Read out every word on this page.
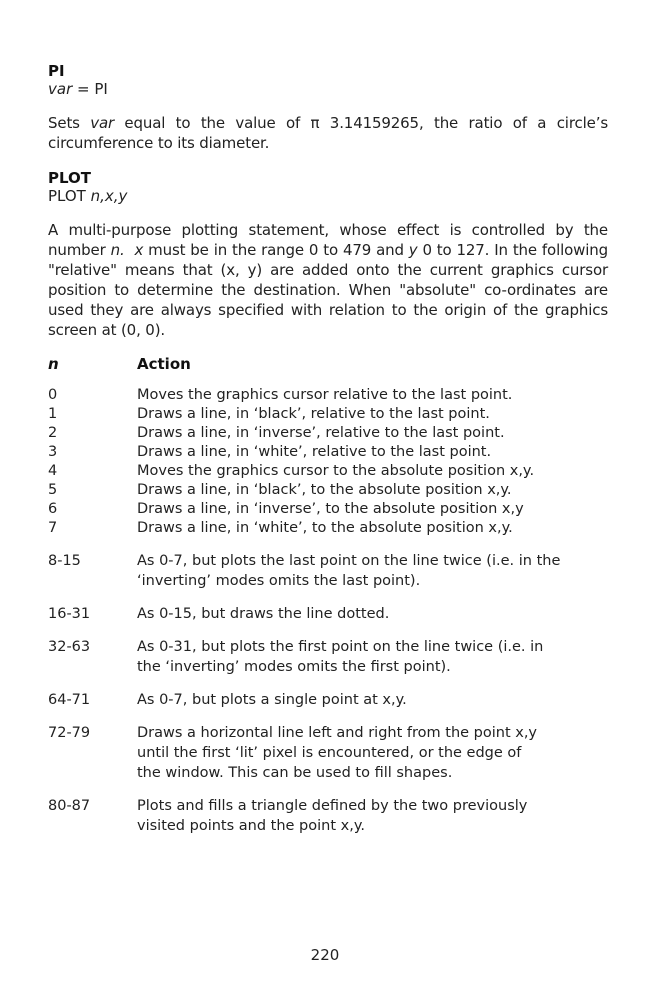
PI

var = PI

Sets var equal to the value of π 3.14159265, the ratio of a circle’s circumference to its diameter.

PLOT

PLOT n,x,y

A multi-purpose plotting statement, whose effect is controlled by the number n. x must be in the range 0 to 479 and y 0 to 127. In the following "relative" means that (x, y) are added onto the current graphics cursor position to determine the destination. When "absolute" co-ordinates are used they are always specified with relation to the origin of the graphics screen at (0, 0).

n	Action
0	Moves the graphics cursor relative to the last point.
1	Draws a line, in ‘black’, relative to the last point.
2	Draws a line, in ‘inverse’, relative to the last point.
3	Draws a line, in ‘white’, relative to the last point.
4	Moves the graphics cursor to the absolute position x,y.
5	Draws a line, in ‘black’, to the absolute position x,y.
6	Draws a line, in ‘inverse’, to the absolute position x,y
7	Draws a line, in ‘white’, to the absolute position x,y.
8-15	As 0-7, but plots the last point on the line twice (i.e. in the ‘inverting’ modes omits the last point).
16-31	As 0-15, but draws the line dotted.
32-63	As 0-31, but plots the first point on the line twice (i.e. in the ‘inverting’ modes omits the first point).
64-71	As 0-7, but plots a single point at x,y.
72-79	Draws a horizontal line left and right from the point x,y until the first ‘lit’ pixel is encountered, or the edge of the window. This can be used to fill shapes.
80-87	Plots and fills a triangle defined by the two previously visited points and the point x,y.
220
